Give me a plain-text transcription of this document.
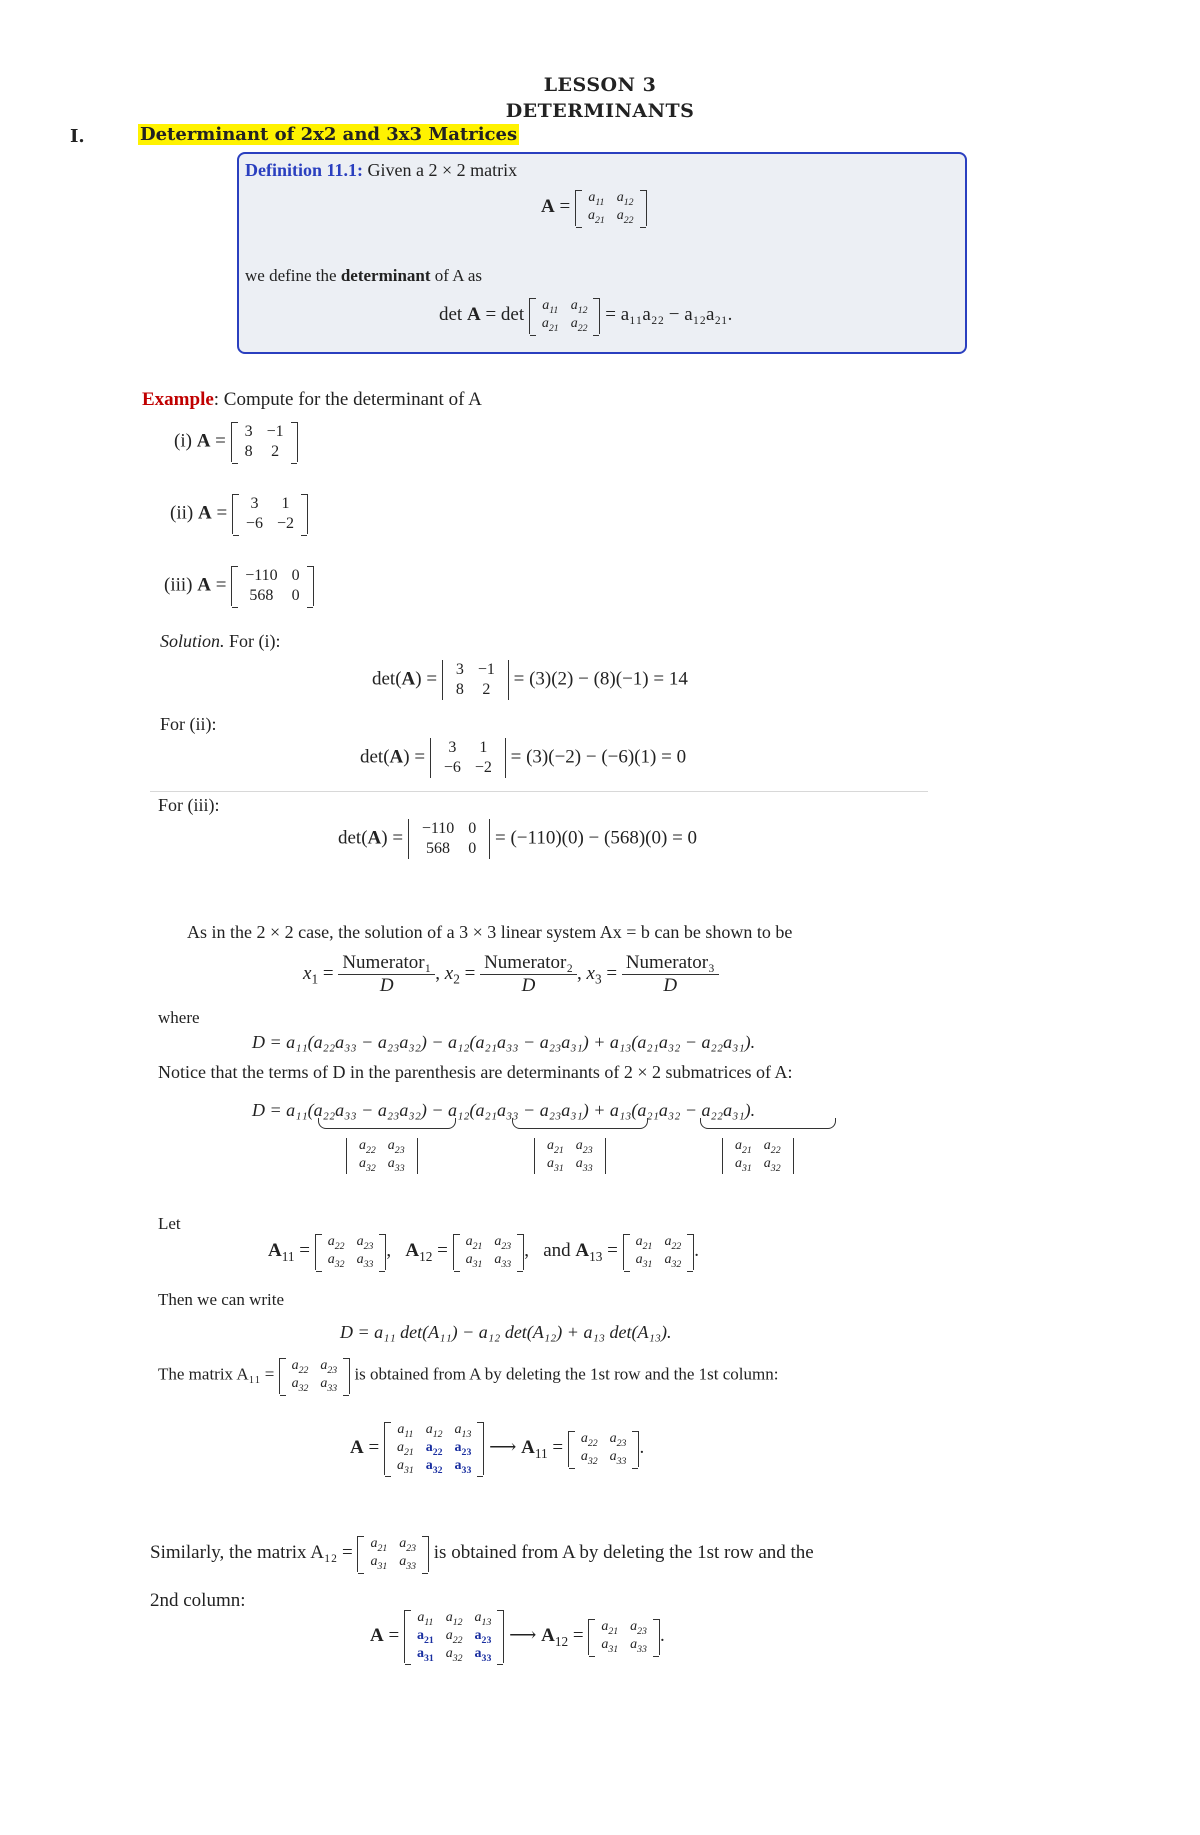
LESSON 3
DETERMINANTS
I.	Determinant of 2x2 and 3x3 Matrices
Definition 11.1: Given a 2 × 2 matrix
$A = a_{11}$	$a_{12}$
$a_{21}$	$a_{22}$
we define the determinant of A as
$\det A = \det a_{11}$	$a_{12}$
$a_{21}$	$a_{22}$
= a₁₁a₂₂ − a₁₂a₂₁.
Example: Compute for the determinant of A
(i) A = 3	−1
8	2
(ii) A = 3	1
−6	−2
(iii) A = −110	0
568	0
Solution. For (i):
det(A) = 3	−1
8	2
= (3)(2) − (8)(−1) = 14
For (ii):
det(A) = 3	1
−6	−2
= (3)(−2) − (−6)(1) = 0
For (iii):
det(A) = −110	0
568	0
= (−110)(0) − (568)(0) = 0
As in the 2 × 2 case, the solution of a 3 × 3 linear system Ax = b can be shown to be
$x_1 = \frac{\text{Numerator₁}}{D}$ , $x_2 = \frac{\text{Numerator₂}}{D}$ , $x_3 = \frac{\text{Numerator₃}}{D}$
where
D = a₁₁(a₂₂a₃₃ − a₂₃a₃₂) − a₁₂(a₂₁a₃₃ − a₂₃a₃₁) + a₁₃(a₂₁a₃₂ − a₂₂a₃₁).
Notice that the terms of D in the parenthesis are determinants of 2 × 2 submatrices of A:
D = a₁₁(a₂₂a₃₃ − a₂₃a₃₂) − a₁₂(a₂₁a₃₃ − a₂₃a₃₁) + a₁₃(a₂₁a₃₂ − a₂₂a₃₁).
$a_{22}$	$a_{23}$
$a_{32}$	$a_{33}$
$a_{21}$	$a_{23}$
$a_{31}$	$a_{33}$
$a_{21}$	$a_{22}$
$a_{31}$	$a_{32}$
Let
$A_{11} = a_{22}$	$a_{23}$
$a_{32}$	$a_{33}$
,   $A_{12} = a_{21}$	$a_{23}$
$a_{31}$	$a_{33}$
,   and $A_{13} = a_{21}$	$a_{22}$
$a_{31}$	$a_{32}$
.
Then we can write
D = a₁₁ det(A₁₁) − a₁₂ det(A₁₂) + a₁₃ det(A₁₃).
The matrix $A_{11} = a_{22}$	$a_{23}$
$a_{32}$	$a_{33}$
is obtained from A by deleting the 1st row and the 1st column:
A =
$a_{11}$	$a_{12}$	$a_{13}$
$a_{21}$	$a_{22}$	$a_{23}$
$a_{31}$	$a_{32}$	$a_{33}$
⟶ $A_{11} = a_{22}$	$a_{23}$
$a_{32}$	$a_{33}$
.
Similarly, the matrix $A_{12} = a_{21}$	$a_{23}$
$a_{31}$	$a_{33}$
is obtained from A by deleting the 1st row and the
2nd column:
A =
$a_{11}$	$a_{12}$	$a_{13}$
$a_{21}$	$a_{22}$	$a_{23}$
$a_{31}$	$a_{32}$	$a_{33}$
⟶ $A_{12} = a_{21}$	$a_{23}$
$a_{31}$	$a_{33}$
.
